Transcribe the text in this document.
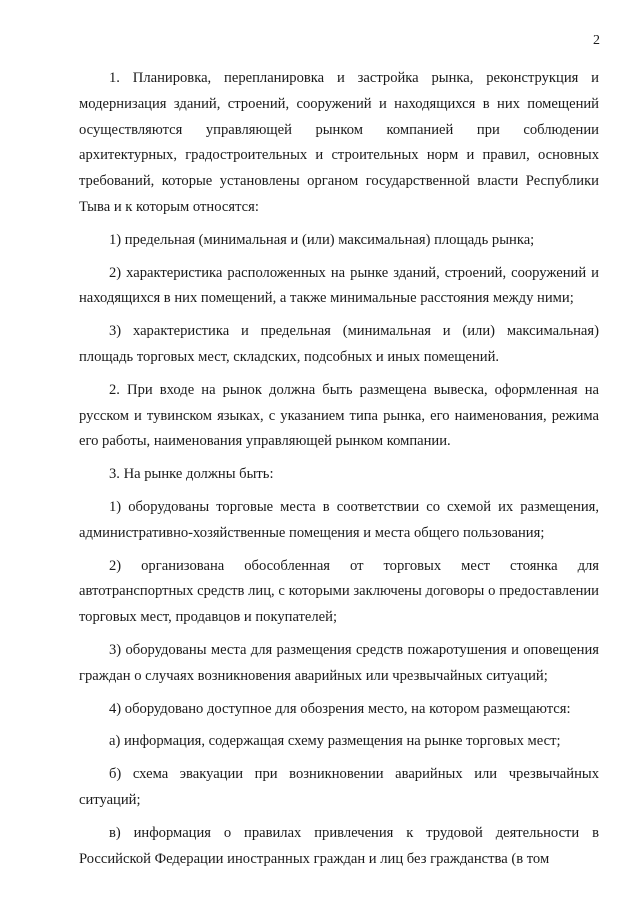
2

1. Планировка, перепланировка и застройка рынка, реконструкция и модернизация зданий, строений, сооружений и находящихся в них помещений осуществляются управляющей рынком компанией при соблюдении архитектурных, градостроительных и строительных норм и правил, основных требований, которые установлены органом государственной власти Республики Тыва и к которым относятся:

1) предельная (минимальная и (или) максимальная) площадь рынка;

2) характеристика расположенных на рынке зданий, строений, сооружений и находящихся в них помещений, а также минимальные расстояния между ними;

3) характеристика и предельная (минимальная и (или) максимальная) площадь торговых мест, складских, подсобных и иных помещений.

2. При входе на рынок должна быть размещена вывеска, оформленная на русском и тувинском языках, с указанием типа рынка, его наименования, режима его работы, наименования управляющей рынком компании.

3. На рынке должны быть:

1) оборудованы торговые места в соответствии со схемой их размещения, административно-хозяйственные помещения и места общего пользования;

2) организована обособленная от торговых мест стоянка для автотранспортных средств лиц, с которыми заключены договоры о предоставлении торговых мест, продавцов и покупателей;

3) оборудованы места для размещения средств пожаротушения и оповещения граждан о случаях возникновения аварийных или чрезвычайных ситуаций;

4) оборудовано доступное для обозрения место, на котором размещаются:

а) информация, содержащая схему размещения на рынке торговых мест;

б) схема эвакуации при возникновении аварийных или чрезвычайных ситуаций;

в) информация о правилах привлечения к трудовой деятельности в Российской Федерации иностранных граждан и лиц без гражданства (в том
